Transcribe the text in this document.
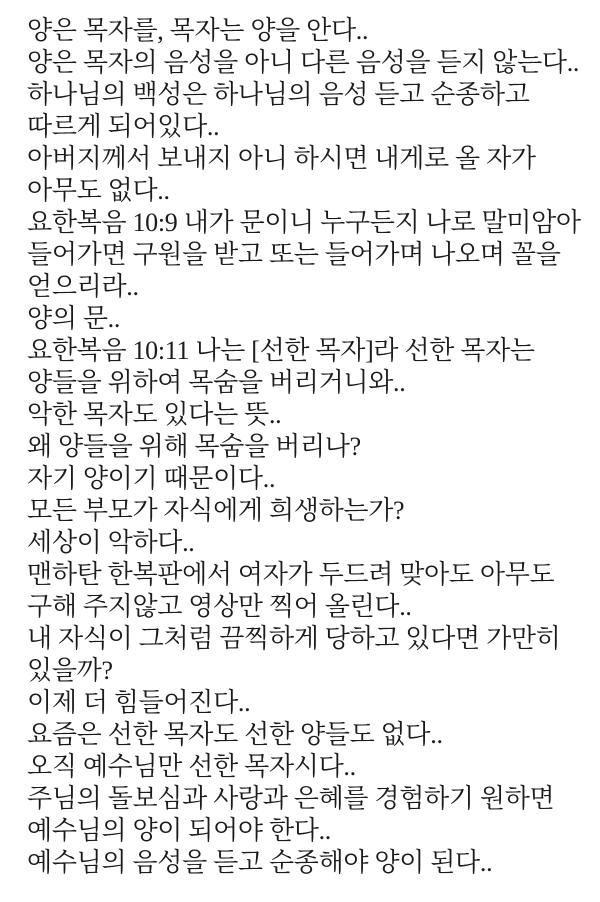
양은 목자를, 목자는 양을 안다..
양은 목자의 음성을 아니 다른 음성을 듣지 않는다..
하나님의 백성은 하나님의 음성 듣고 순종하고
따르게 되어있다..
아버지께서 보내지 아니 하시면 내게로 올 자가
아무도 없다..
요한복음 10:9 내가 문이니 누구든지 나로 말미암아
들어가면 구원을 받고 또는 들어가며 나오며 꼴을
얻으리라..
양의 문..
요한복음 10:11 나는 [선한 목자]라 선한 목자는
양들을 위하여 목숨을 버리거니와..
악한 목자도 있다는 뜻..
왜 양들을 위해 목숨을 버리나?
자기 양이기 때문이다..
모든 부모가 자식에게 희생하는가?
세상이 악하다..
맨하탄 한복판에서 여자가 두드려 맞아도 아무도
구해 주지않고 영상만 찍어 올린다..
내 자식이 그처럼 끔찍하게 당하고 있다면 가만히
있을까?
이제 더 힘들어진다..
요즘은 선한 목자도 선한 양들도 없다..
오직 예수님만 선한 목자시다..
주님의 돌보심과 사랑과 은혜를 경험하기 원하면
예수님의 양이 되어야 한다..
예수님의 음성을 듣고 순종해야 양이 된다..
